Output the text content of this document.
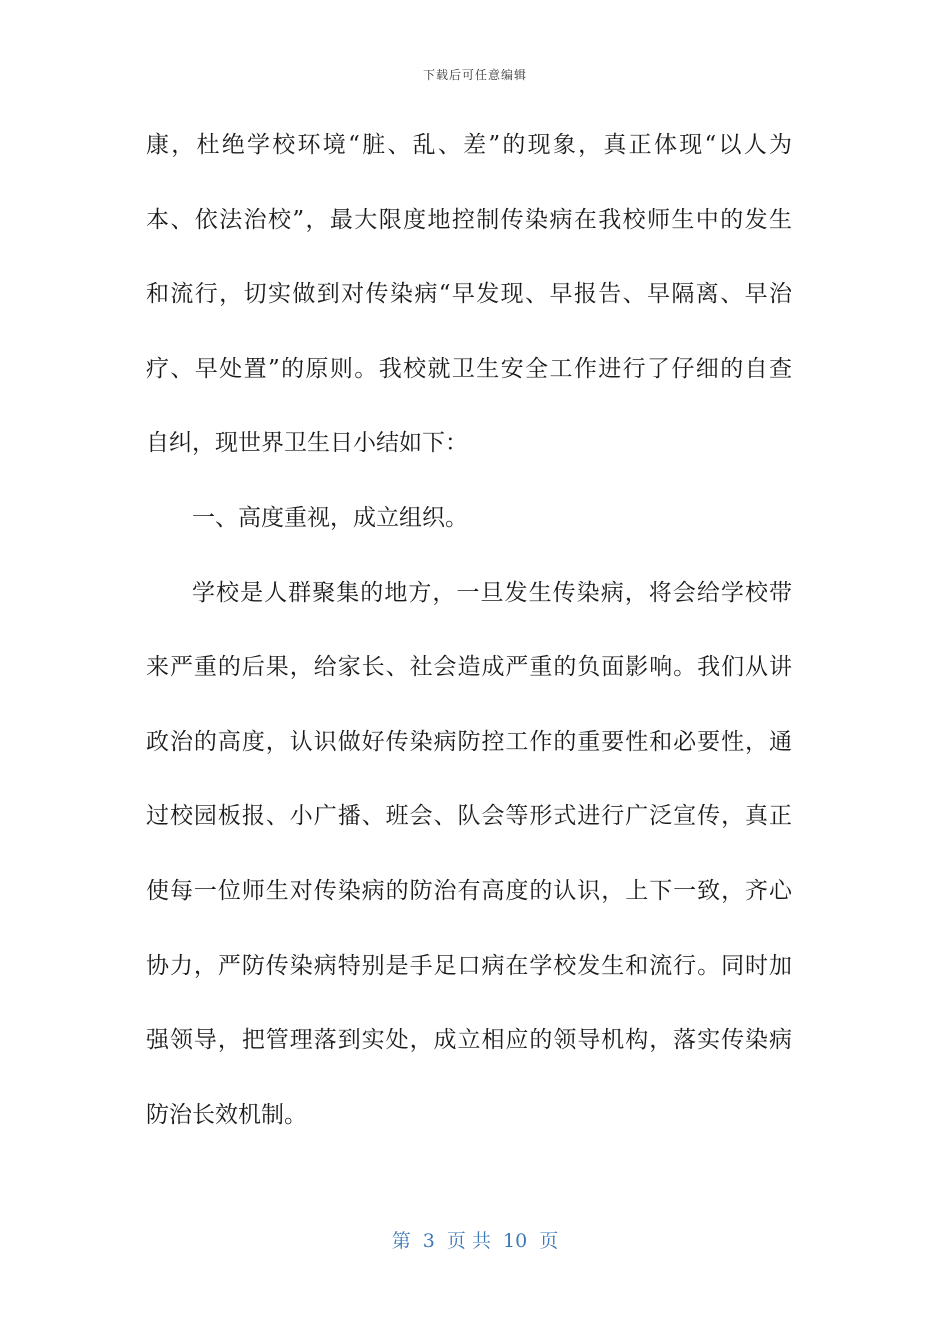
下载后可任意编辑
康，杜绝学校环境“脏、乱、差”的现象，真正体现“以人为
本、依法治校”，最大限度地控制传染病在我校师生中的发生
和流行，切实做到对传染病“早发现、早报告、早隔离、早治
疗、早处置”的原则。我校就卫生安全工作进行了仔细的自查
自纠，现世界卫生日小结如下：
一、高度重视，成立组织。
学校是人群聚集的地方，一旦发生传染病，将会给学校带
来严重的后果，给家长、社会造成严重的负面影响。我们从讲
政治的高度，认识做好传染病防控工作的重要性和必要性，通
过校园板报、小广播、班会、队会等形式进行广泛宣传，真正
使每一位师生对传染病的防治有高度的认识，上下一致，齐心
协力，严防传染病特别是手足口病在学校发生和流行。同时加
强领导，把管理落到实处，成立相应的领导机构，落实传染病
防治长效机制。
第  3  页 共  10  页
